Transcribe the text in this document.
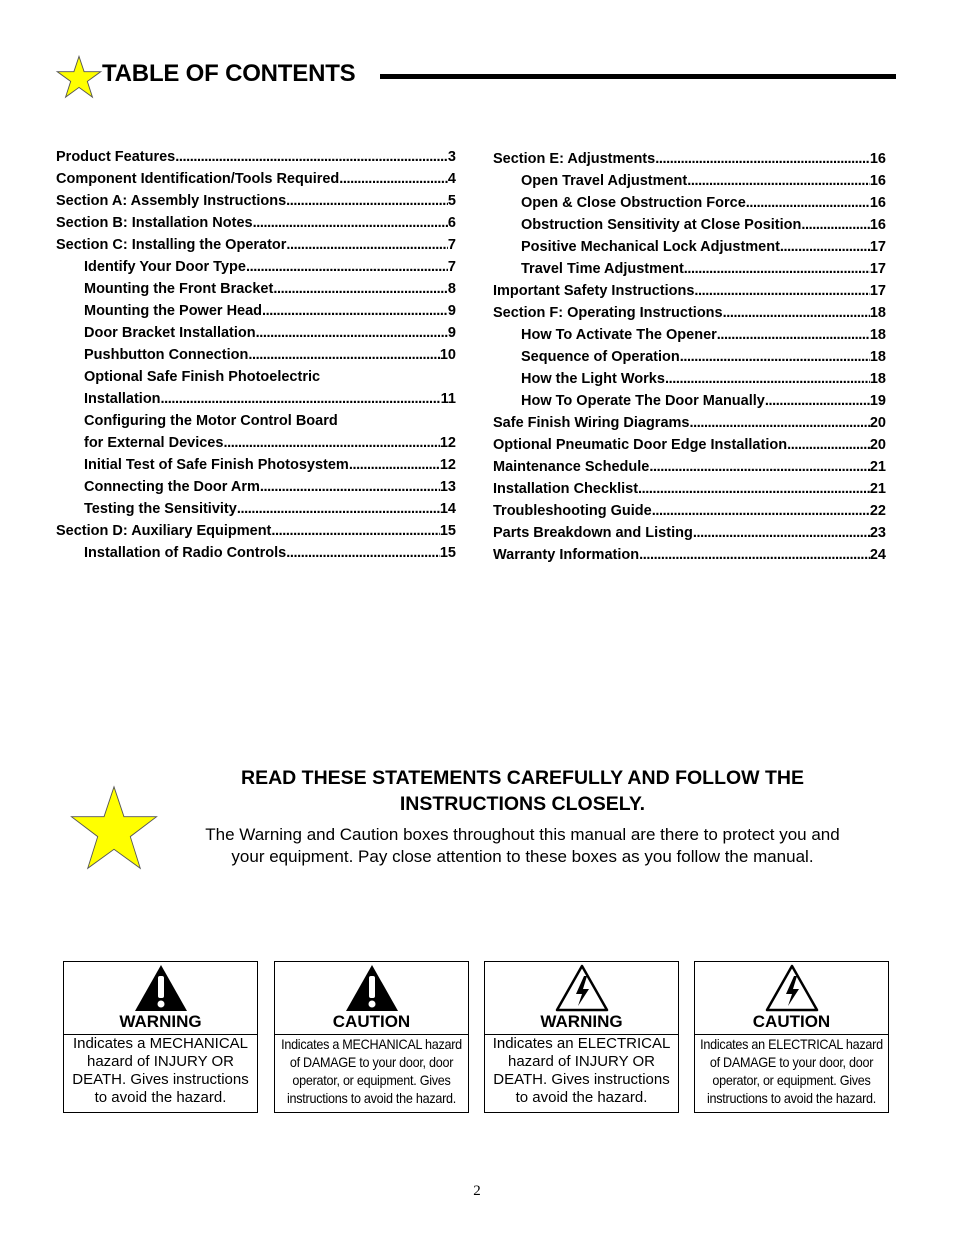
TABLE OF CONTENTS
Product Features .....	3
Component Identification/Tools Required .....	4
Section A: Assembly Instructions .....	5
Section B: Installation Notes .....	6
Section C: Installing the Operator .....	7
Identify Your Door Type .....	7
Mounting the Front Bracket .....	8
Mounting the Power Head .....	9
Door Bracket Installation .....	9
Pushbutton Connection .....	10
Optional Safe Finish Photoelectric
Installation .....	11
Configuring the Motor Control Board
for External Devices .....	12
Initial Test of Safe Finish Photosystem .....	12
Connecting the Door Arm .....	13
Testing the Sensitivity .....	14
Section D: Auxiliary Equipment .....	15
Installation of Radio Controls .....	15
Section E: Adjustments .....	16
Open Travel Adjustment .....	16
Open & Close Obstruction Force .....	16
Obstruction Sensitivity at Close Position .....	16
Positive Mechanical Lock Adjustment .....	17
Travel Time Adjustment .....	17
Important Safety Instructions .....	17
Section F: Operating Instructions .....	18
How To Activate The Opener .....	18
Sequence of Operation .....	18
How the Light Works .....	18
How To Operate The Door Manually .....	19
Safe Finish Wiring Diagrams .....	20
Optional Pneumatic Door Edge Installation .....	20
Maintenance Schedule .....	21
Installation Checklist .....	21
Troubleshooting Guide .....	22
Parts Breakdown and Listing .....	23
Warranty Information .....	24
READ THESE STATEMENTS CAREFULLY AND FOLLOW THE
INSTRUCTIONS CLOSELY.
The Warning and Caution boxes throughout this manual are there to protect you and
your equipment. Pay close attention to these boxes as you follow the manual.
WARNING
Indicates a MECHANICAL
hazard of INJURY OR
DEATH. Gives instructions
to avoid the hazard.
CAUTION
Indicates a MECHANICAL hazard
of DAMAGE to your door, door
operator, or equipment. Gives
instructions to avoid the hazard.
WARNING
Indicates an ELECTRICAL
hazard of INJURY OR
DEATH. Gives instructions
to avoid the hazard.
CAUTION
Indicates an ELECTRICAL hazard
of DAMAGE to your door, door
operator, or equipment. Gives
instructions to avoid the hazard.
2
